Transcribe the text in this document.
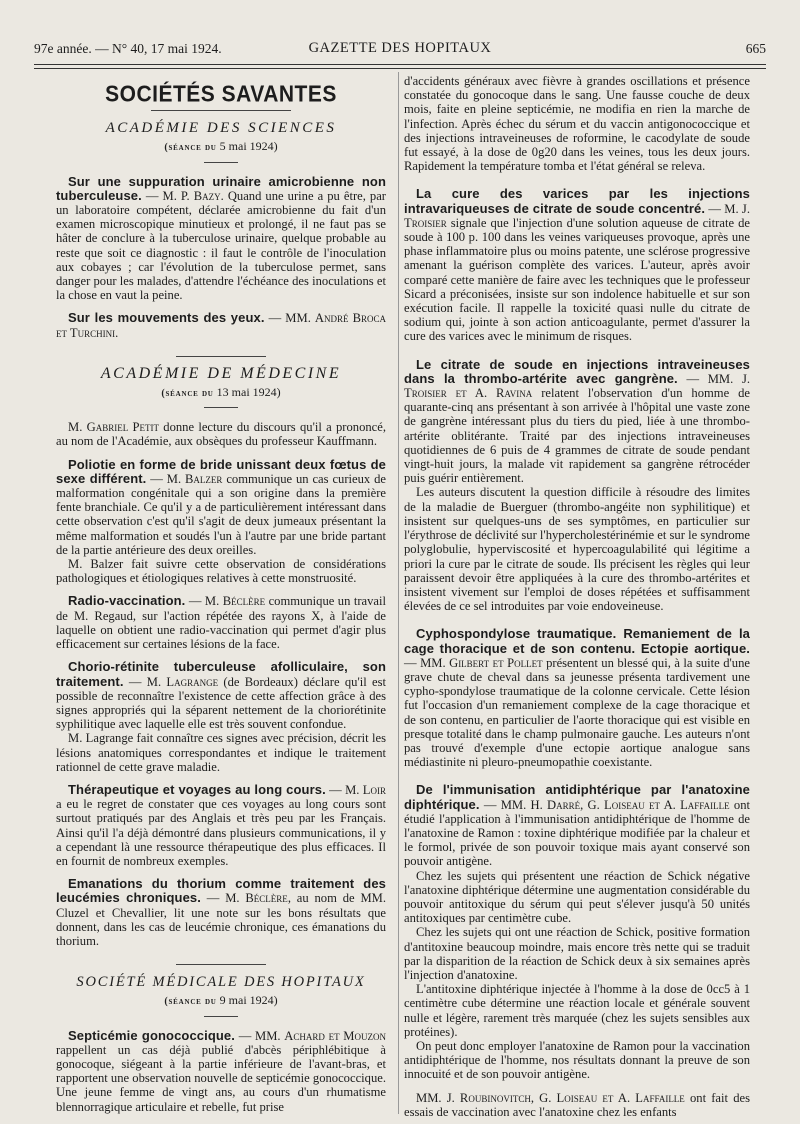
97e année. — N° 40, 17 mai 1924.	GAZETTE DES HOPITAUX	665
SOCIÉTÉS SAVANTES
ACADÉMIE DES SCIENCES
(séance du 5 mai 1924)

Sur une suppuration urinaire amicrobienne non tuberculeuse. — M. P. Bazy. Quand une urine a pu être, par un laboratoire compétent, déclarée amicrobienne du fait d'un examen microscopique minutieux et prolongé, il ne faut pas se hâter de conclure à la tuberculose urinaire, quelque probable au reste que soit ce diagnostic : il faut le contrôle de l'inoculation aux cobayes ; car l'évolution de la tuberculose permet, sans danger pour les malades, d'attendre l'échéance des inoculations et la chose en vaut la peine.

Sur les mouvements des yeux. — MM. André Broca et Turchini.

ACADÉMIE DE MÉDECINE
(séance du 13 mai 1924)

M. Gabriel Petit donne lecture du discours qu'il a prononcé, au nom de l'Académie, aux obsèques du professeur Kauffmann.

Poliotie en forme de bride unissant deux fœtus de sexe différent. — M. Balzer communique un cas curieux de malformation congénitale qui a son origine dans la première fente branchiale. Ce qu'il y a de particulièrement intéressant dans cette observation c'est qu'il s'agit de deux jumeaux présentant la même malformation et soudés l'un à l'autre par une bride partant de la partie antérieure des deux oreilles.

M. Balzer fait suivre cette observation de considérations pathologiques et étiologiques relatives à cette monstruosité.

Radio-vaccination. — M. Béclère communique un travail de M. Regaud, sur l'action répétée des rayons X, à l'aide de laquelle on obtient une radio-vaccination qui permet d'agir plus efficacement sur certaines lésions de la face.

Chorio-rétinite tuberculeuse afolliculaire, son traitement. — M. Lagrange (de Bordeaux) déclare qu'il est possible de reconnaître l'existence de cette affection grâce à des signes appropriés qui la séparent nettement de la choriorétinite syphilitique avec laquelle elle est très souvent confondue.

M. Lagrange fait connaître ces signes avec précision, décrit les lésions anatomiques correspondantes et indique le traitement rationnel de cette grave maladie.

Thérapeutique et voyages au long cours. — M. Loir a eu le regret de constater que ces voyages au long cours sont surtout pratiqués par des Anglais et très peu par les Français. Ainsi qu'il l'a déjà démontré dans plusieurs communications, il y a cependant là une ressource thérapeutique des plus efficaces. Il en fournit de nombreux exemples.

Emanations du thorium comme traitement des leucémies chroniques. — M. Béclère, au nom de MM. Cluzel et Chevallier, lit une note sur les bons résultats que donnent, dans les cas de leucémie chronique, ces émanations du thorium.

SOCIÉTÉ MÉDICALE DES HOPITAUX
(séance du 9 mai 1924)

Septicémie gonococcique. — MM. Achard et Mouzon rappellent un cas déjà publié d'abcès périphlébitique à gonocoque, siégeant à la partie inférieure de l'avant-bras, et rapportent une observation nouvelle de septicémie gonococcique. Une jeune femme de vingt ans, au cours d'un rhumatisme blennorragique articulaire et rebelle, fut prise

d'accidents généraux avec fièvre à grandes oscillations et présence constatée du gonocoque dans le sang. Une fausse couche de deux mois, faite en pleine septicémie, ne modifia en rien la marche de l'infection. Après échec du sérum et du vaccin antigonococcique et des injections intraveineuses de roformine, le cacodylate de soude fut essayé, à la dose de 0g20 dans les veines, tous les deux jours. Rapidement la température tomba et l'état général se releva.

La cure des varices par les injections intravariqueuses de citrate de soude concentré. — M. J. Troisier signale que l'injection d'une solution aqueuse de citrate de soude à 100 p. 100 dans les veines variqueuses provoque, après une phase inflammatoire plus ou moins patente, une sclérose progressive amenant la guérison complète des varices. L'auteur, après avoir comparé cette manière de faire avec les techniques que le professeur Sicard a préconisées, insiste sur son indolence habituelle et sur son exécution facile. Il rappelle la toxicité quasi nulle du citrate de sodium qui, jointe à son action anticoagulante, permet d'assurer la cure des varices avec le minimum de risques.

Le citrate de soude en injections intraveineuses dans la thrombo-artérite avec gangrène. — MM. J. Troisier et A. Ravina relatent l'observation d'un homme de quarante-cinq ans présentant à son arrivée à l'hôpital une vaste zone de gangrène intéressant plus du tiers du pied, liée à une thrombo-artérite oblitérante. Traité par des injections intraveineuses quotidiennes de 6 puis de 4 grammes de citrate de soude pendant vingt-huit jours, la malade vit rapidement sa gangrène rétrocéder puis guérir entièrement.

Les auteurs discutent la question difficile à résoudre des limites de la maladie de Buerguer (thrombo-angéite non syphilitique) et insistent sur quelques-uns de ses symptômes, en particulier sur l'érythrose de déclivité sur l'hypercholestérinémie et sur le syndrome polyglobulie, hyperviscosité et hypercoagulabilité qui légitime a priori la cure par le citrate de soude. Ils précisent les règles qui leur paraissent devoir être appliquées à la cure des thrombo-artérites et insistent vivement sur l'emploi de doses répétées et suffisamment élevées de ce sel introduites par voie endoveineuse.

Cyphospondylose traumatique. Remaniement de la cage thoracique et de son contenu. Ectopie aortique. — MM. Gilbert et Pollet présentent un blessé qui, à la suite d'une grave chute de cheval dans sa jeunesse présenta tardivement une cypho-spondylose traumatique de la colonne cervicale. Cette lésion fut l'occasion d'un remaniement complexe de la cage thoracique et de son contenu, en particulier de l'aorte thoracique qui est visible en presque totalité dans le champ pulmonaire gauche. Les auteurs n'ont pas trouvé d'exemple d'une ectopie aortique analogue sans médiastinite ni pleuro-pneumopathie coexistante.

De l'immunisation antidiphtérique par l'anatoxine diphtérique. — MM. H. Darré, G. Loiseau et A. Laffaille ont étudié l'application à l'immunisation antidiphtérique de l'homme de l'anatoxine de Ramon : toxine diphtérique modifiée par la chaleur et le formol, privée de son pouvoir toxique mais ayant conservé son pouvoir antigène.

Chez les sujets qui présentent une réaction de Schick négative l'anatoxine diphtérique détermine une augmentation considérable du pouvoir antitoxique du sérum qui peut s'élever jusqu'à 50 unités antitoxiques par centimètre cube.

Chez les sujets qui ont une réaction de Schick, positive formation d'antitoxine beaucoup moindre, mais encore très nette qui se traduit par la disparition de la réaction de Schick deux à six semaines après l'injection d'anatoxine.

L'antitoxine diphtérique injectée à l'homme à la dose de 0cc5 à 1 centimètre cube détermine une réaction locale et générale souvent nulle et légère, rarement très marquée (chez les sujets sensibles aux protéines).

On peut donc employer l'anatoxine de Ramon pour la vaccination antidiphtérique de l'homme, nos résultats donnant la preuve de son innocuité et de son pouvoir antigène.

MM. J. Roubinovitch, G. Loiseau et A. Laffaille ont fait des essais de vaccination avec l'anatoxine chez les enfants
